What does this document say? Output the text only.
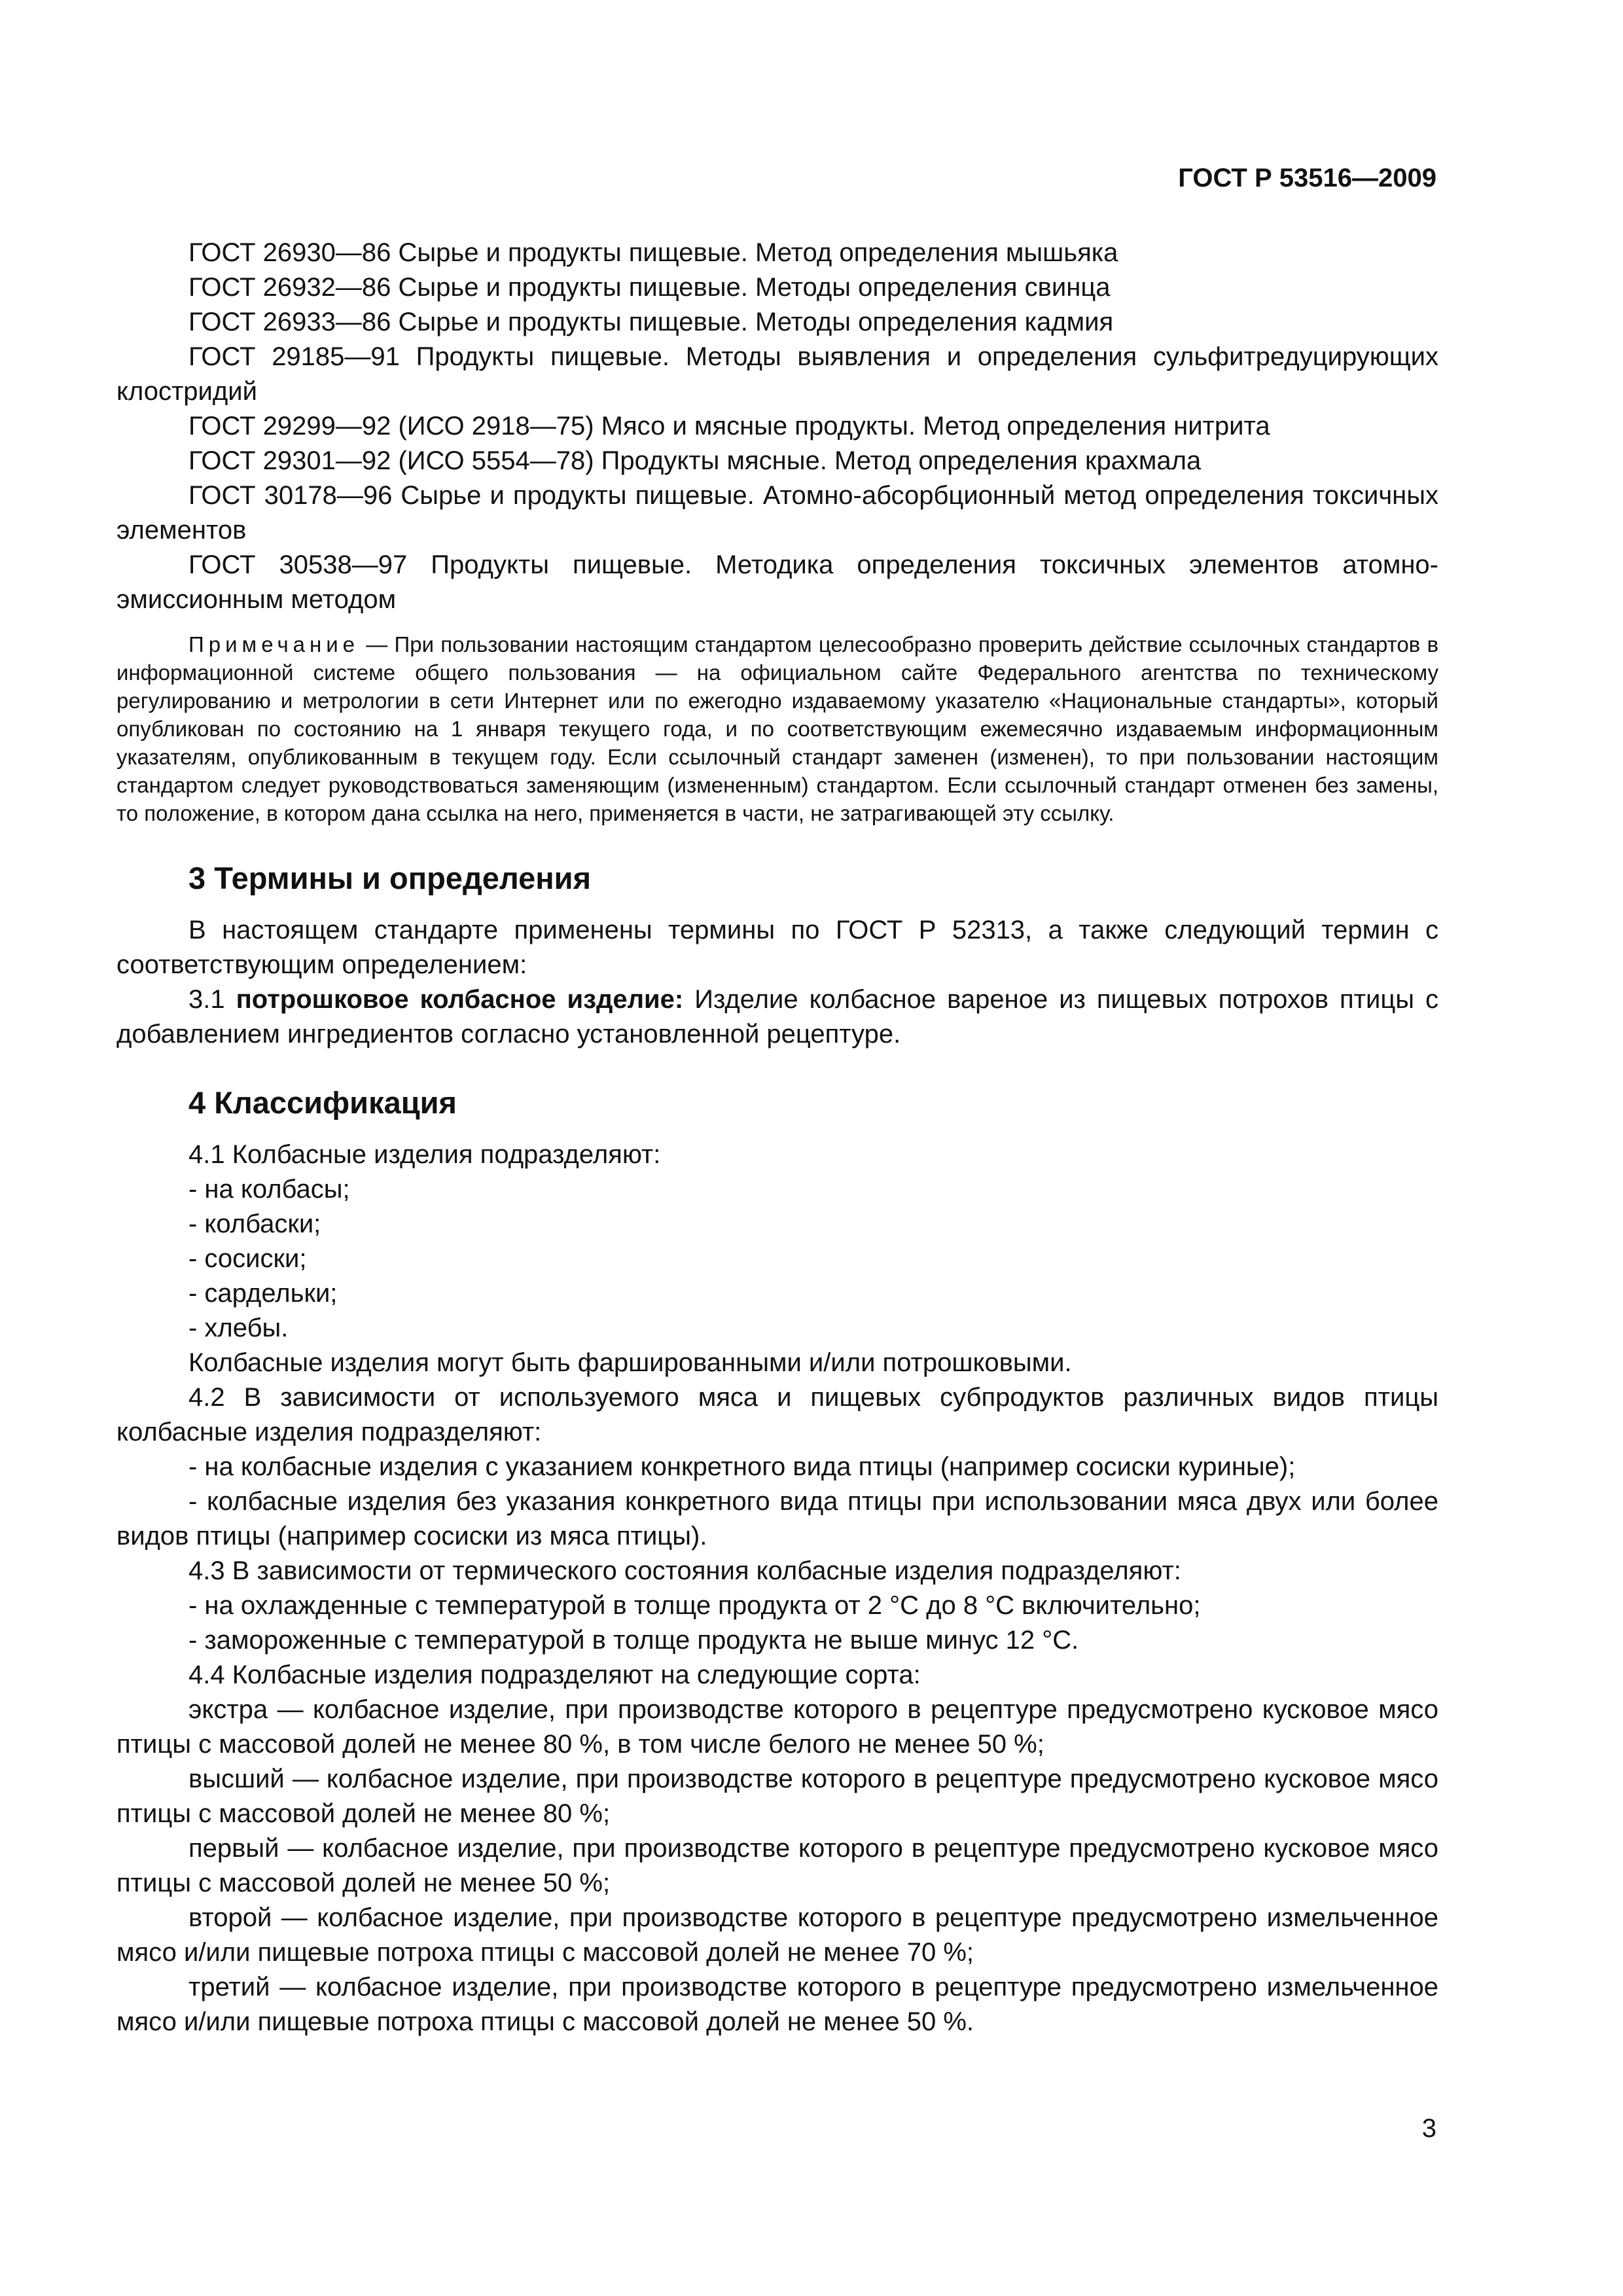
ГОСТ Р 53516—2009

ГОСТ 26930—86 Сырье и продукты пищевые. Метод определения мышьяка

ГОСТ 26932—86 Сырье и продукты пищевые. Методы определения свинца

ГОСТ 26933—86 Сырье и продукты пищевые. Методы определения кадмия

ГОСТ 29185—91 Продукты пищевые. Методы выявления и определения сульфитредуцирующих клостридий

ГОСТ 29299—92 (ИСО 2918—75) Мясо и мясные продукты. Метод определения нитрита

ГОСТ 29301—92 (ИСО 5554—78) Продукты мясные. Метод определения крахмала

ГОСТ 30178—96 Сырье и продукты пищевые. Атомно-абсорбционный метод определения токсичных элементов

ГОСТ 30538—97 Продукты пищевые. Методика определения токсичных элементов атомно-эмиссионным методом

Примечание — При пользовании настоящим стандартом целесообразно проверить действие ссылочных стандартов в информационной системе общего пользования — на официальном сайте Федерального агентства по техническому регулированию и метрологии в сети Интернет или по ежегодно издаваемому указателю «Национальные стандарты», который опубликован по состоянию на 1 января текущего года, и по соответствующим ежемесячно издаваемым информационным указателям, опубликованным в текущем году. Если ссылочный стандарт заменен (изменен), то при пользовании настоящим стандартом следует руководствоваться заменяющим (измененным) стандартом. Если ссылочный стандарт отменен без замены, то положение, в котором дана ссылка на него, применяется в части, не затрагивающей эту ссылку.

3 Термины и определения

В настоящем стандарте применены термины по ГОСТ Р 52313, а также следующий термин с соответствующим определением:

3.1 потрошковое колбасное изделие: Изделие колбасное вареное из пищевых потрохов птицы с добавлением ингредиентов согласно установленной рецептуре.

4 Классификация

4.1 Колбасные изделия подразделяют:

- на колбасы;

- колбаски;

- сосиски;

- сардельки;

- хлебы.

Колбасные изделия могут быть фаршированными и/или потрошковыми.

4.2 В зависимости от используемого мяса и пищевых субпродуктов различных видов птицы колбасные изделия подразделяют:

- на колбасные изделия с указанием конкретного вида птицы (например сосиски куриные);

- колбасные изделия без указания конкретного вида птицы при использовании мяса двух или более видов птицы (например сосиски из мяса птицы).

4.3 В зависимости от термического состояния колбасные изделия подразделяют:

- на охлажденные с температурой в толще продукта от 2 °С до 8 °С включительно;

- замороженные с температурой в толще продукта не выше минус 12 °С.

4.4 Колбасные изделия подразделяют на следующие сорта:

экстра — колбасное изделие, при производстве которого в рецептуре предусмотрено кусковое мясо птицы с массовой долей не менее 80 %, в том числе белого не менее 50 %;

высший — колбасное изделие, при производстве которого в рецептуре предусмотрено кусковое мясо птицы с массовой долей не менее 80 %;

первый — колбасное изделие, при производстве которого в рецептуре предусмотрено кусковое мясо птицы с массовой долей не менее 50 %;

второй — колбасное изделие, при производстве которого в рецептуре предусмотрено измельченное мясо и/или пищевые потроха птицы с массовой долей не менее 70 %;

третий — колбасное изделие, при производстве которого в рецептуре предусмотрено измельченное мясо и/или пищевые потроха птицы с массовой долей не менее 50 %.

3
